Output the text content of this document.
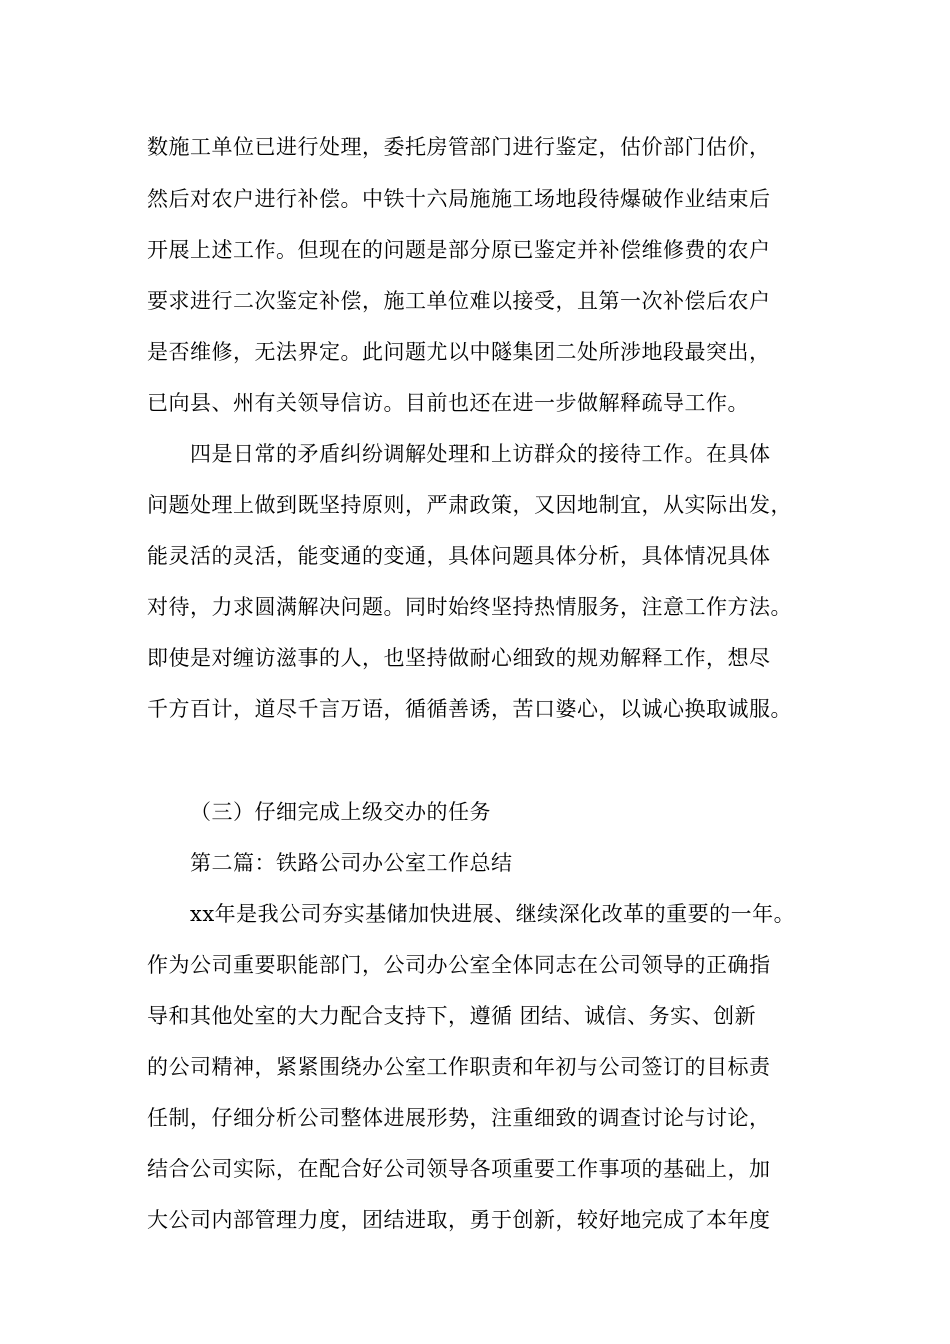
数施工单位已进行处理，委托房管部门进行鉴定，估价部门估价，
然后对农户进行补偿。中铁十六局施施工场地段待爆破作业结束后
开展上述工作。但现在的问题是部分原已鉴定并补偿维修费的农户
要求进行二次鉴定补偿，施工单位难以接受，且第一次补偿后农户
是否维修，无法界定。此问题尤以中隧集团二处所涉地段最突出，
已向县、州有关领导信访。目前也还在进一步做解释疏导工作。
四是日常的矛盾纠纷调解处理和上访群众的接待工作。在具体
问题处理上做到既坚持原则，严肃政策，又因地制宜，从实际出发，
能灵活的灵活，能变通的变通，具体问题具体分析，具体情况具体
对待，力求圆满解决问题。同时始终坚持热情服务，注意工作方法。
即使是对缠访滋事的人，也坚持做耐心细致的规劝解释工作，想尽
千方百计，道尽千言万语，循循善诱，苦口婆心，以诚心换取诚服。
（三）仔细完成上级交办的任务
第二篇：铁路公司办公室工作总结
xx年是我公司夯实基储加快进展、继续深化改革的重要的一年。
作为公司重要职能部门，公司办公室全体同志在公司领导的正确指
导和其他处室的大力配合支持下，遵循 团结、诚信、务实、创新
的公司精神，紧紧围绕办公室工作职责和年初与公司签订的目标责
任制，仔细分析公司整体进展形势，注重细致的调查讨论与讨论，
结合公司实际，在配合好公司领导各项重要工作事项的基础上，加
大公司内部管理力度，团结进取，勇于创新，较好地完成了本年度
